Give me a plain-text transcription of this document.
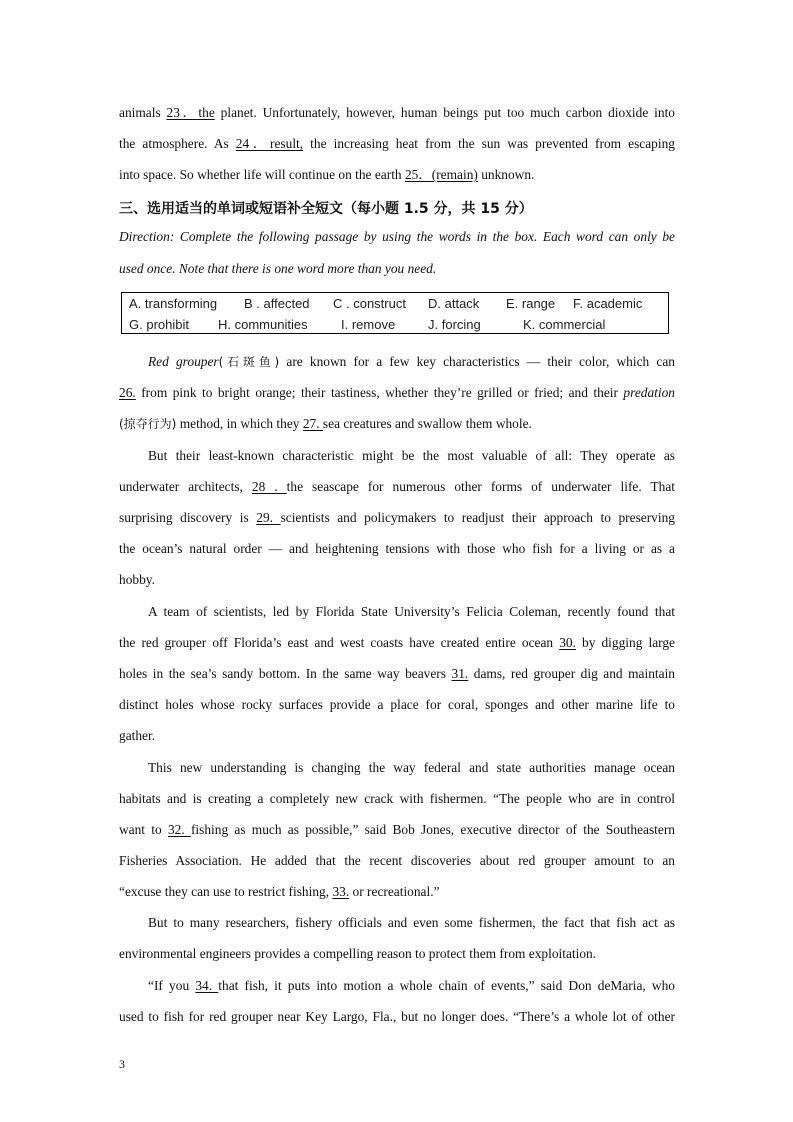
animals 23．the planet. Unfortunately, however, human beings put too much carbon dioxide into
the atmosphere. As 24．result, the increasing heat from the sun was prevented from escaping
into space. So whether life will continue on the earth 25．(remain) unknown.
三、选用适当的单词或短语补全短文（每小题 1.5 分，共 15 分）
Direction: Complete the following passage by using the words in the box. Each word can only be
used once. Note that there is one word more than you need.
A. transforming B . affected C . construct D. attack E. range F. academic
G. prohibit H. communities	I. remove	J. forcing	K. commercial
Red grouper(石斑鱼) are known for a few key characteristics — their color, which can
26. from pink to bright orange; their tastiness, whether they’re grilled or fried; and their predation
(掠夺行为) method, in which they 27. sea creatures and swallow them whole.
But their least-known characteristic might be the most valuable of all: They operate as
underwater architects, 28 . the seascape for numerous other forms of underwater life. That
surprising discovery is 29. scientists and policymakers to readjust their approach to preserving
the ocean’s natural order — and heightening tensions with those who fish for a living or as a
hobby.
A team of scientists, led by Florida State University’s Felicia Coleman, recently found that
the red grouper off Florida’s east and west coasts have created entire ocean 30. by digging large
holes in the sea’s sandy bottom. In the same way beavers 31. dams, red grouper dig and maintain
distinct holes whose rocky surfaces provide a place for coral, sponges and other marine life to
gather.
This new understanding is changing the way federal and state authorities manage ocean
habitats and is creating a completely new crack with fishermen. “The people who are in control
want to 32. fishing as much as possible,” said Bob Jones, executive director of the Southeastern
Fisheries Association. He added that the recent discoveries about red grouper amount to an
“excuse they can use to restrict fishing, 33. or recreational.”
But to many researchers, fishery officials and even some fishermen, the fact that fish act as
environmental engineers provides a compelling reason to protect them from exploitation.
“If you 34. that fish, it puts into motion a whole chain of events,” said Don deMaria, who
used to fish for red grouper near Key Largo, Fla., but no longer does. “There’s a whole lot of other
3
